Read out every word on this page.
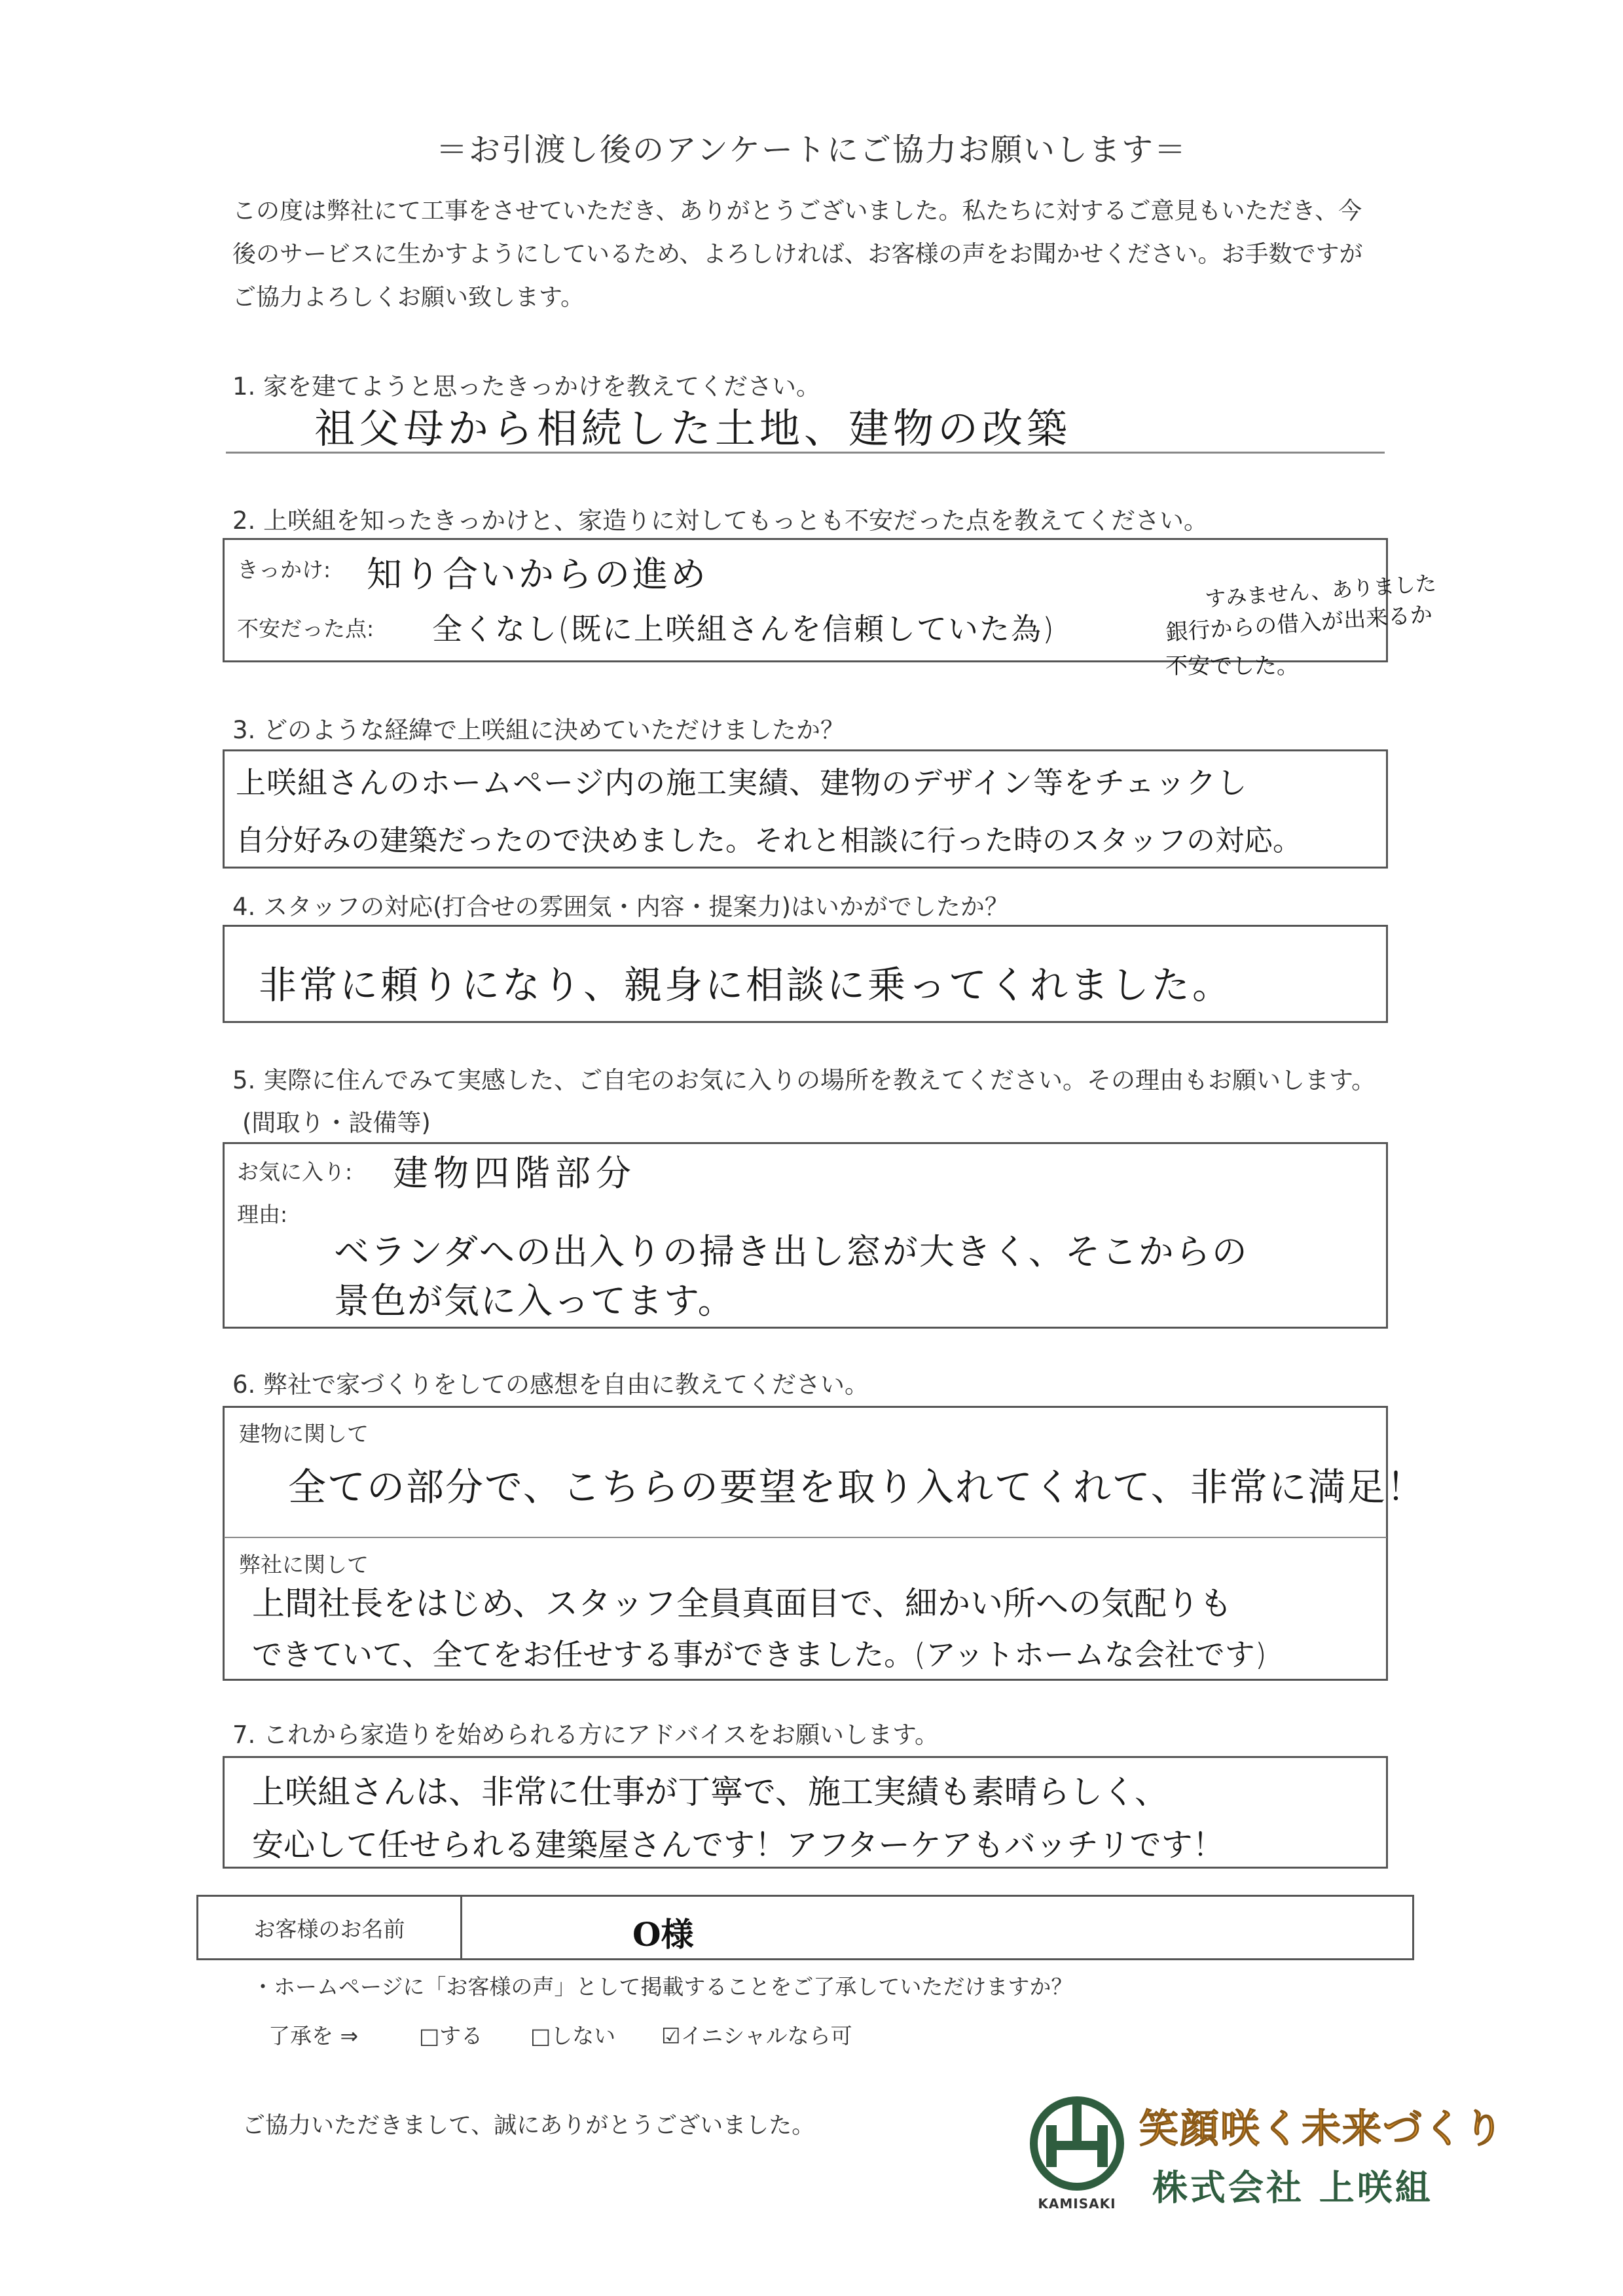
＝お引渡し後のアンケートにご協力お願いします＝

この度は弊社にて工事をさせていただき、ありがとうございました。私たちに対するご意見もいただき、今

後のサービスに生かすようにしているため、よろしければ、お客様の声をお聞かせください。お手数ですが

ご協力よろしくお願い致します。

1. 家を建てようと思ったきっかけを教えてください。
祖父母から相続した土地、建物の改築
2. 上咲組を知ったきっかけと、家造りに対してもっとも不安だった点を教えてください。
きっかけ: 知り合いからの進め
不安だった点: 全くなし(既に上咲組さんを信頼していた為)
すみません、ありました
銀行からの借入が出来るか
不安でした。
3. どのような経緯で上咲組に決めていただけましたか？
上咲組さんのホームページ内の施工実績、建物のデザイン等をチェックし
自分好みの建築だったので決めました。それと相談に行った時のスタッフの対応。
4. スタッフの対応(打合せの雰囲気・内容・提案力)はいかがでしたか？
非常に頼りになり、親身に相談に乗ってくれました。
5. 実際に住んでみて実感した、ご自宅のお気に入りの場所を教えてください。その理由もお願いします。
(間取り・設備等)
お気に入り: 建物四階部分
理由:
ベランダへの出入りの掃き出し窓が大きく、そこからの
景色が気に入ってます。
6. 弊社で家づくりをしての感想を自由に教えてください。
建物に関して
全ての部分で、こちらの要望を取り入れてくれて、非常に満足！
弊社に関して
上間社長をはじめ、スタッフ全員真面目で、細かい所への気配りも
できていて、全てをお任せする事ができました。(アットホームな会社です)
7. これから家造りを始められる方にアドバイスをお願いします。
上咲組さんは、非常に仕事が丁寧で、施工実績も素晴らしく、
安心して任せられる建築屋さんです！アフターケアもバッチリです！
お客様のお名前	O様
・ホームページに「お客様の声」として掲載することをご了承していただけますか？
了承を ⇒	□する □しない ☑イニシャルなら可
ご協力いただきまして、誠にありがとうございました。
KAMISAKI
笑顔咲く未来づくり
株式会社 上咲組
